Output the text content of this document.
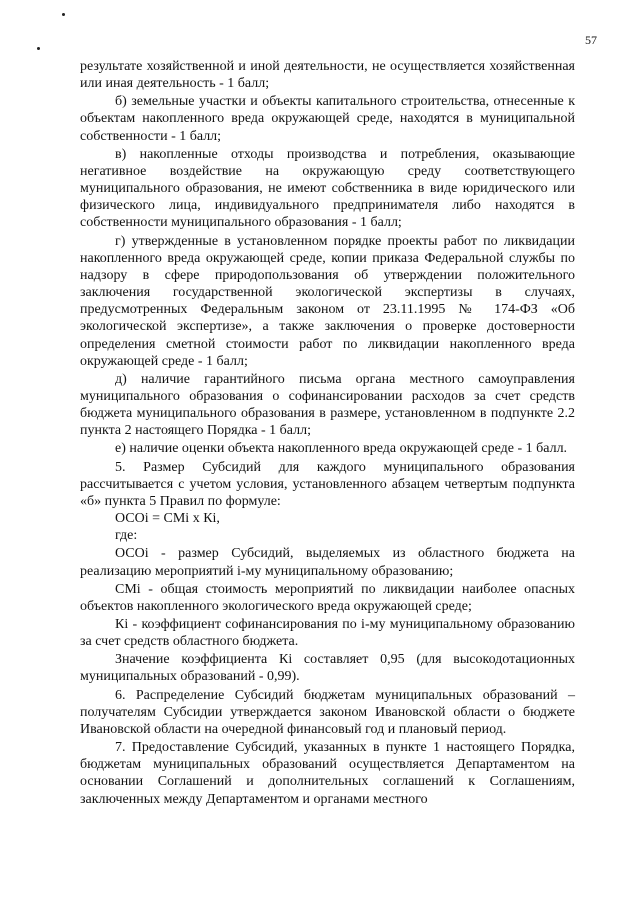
57

результате хозяйственной и иной деятельности, не осуществляется хозяйственная или иная деятельность - 1 балл;

б) земельные участки и объекты капитального строительства, отнесенные к объектам накопленного вреда окружающей среде, находятся в муниципальной собственности - 1 балл;

в) накопленные отходы производства и потребления, оказывающие негативное воздействие на окружающую среду соответствующего муниципального образования, не имеют собственника в виде юридического или физического лица, индивидуального предпринимателя либо находятся в собственности муниципального образования - 1 балл;

г) утвержденные в установленном порядке проекты работ по ликвидации накопленного вреда окружающей среде, копии приказа Федеральной службы по надзору в сфере природопользования об утверждении положительного заключения государственной экологической экспертизы в случаях, предусмотренных Федеральным законом от 23.11.1995 № 174-ФЗ «Об экологической экспертизе», а также заключения о проверке достоверности определения сметной стоимости работ по ликвидации накопленного вреда окружающей среде - 1 балл;

д) наличие гарантийного письма органа местного самоуправления муниципального образования о софинансировании расходов за счет средств бюджета муниципального образования в размере, установленном в подпункте 2.2 пункта 2 настоящего Порядка - 1 балл;

е) наличие оценки объекта накопленного вреда окружающей среде - 1 балл.

5. Размер Субсидий для каждого муниципального образования рассчитывается с учетом условия, установленного абзацем четвертым подпункта «б» пункта 5 Правил по формуле:

ОСОi = СМi х Кi,

где:

ОСОi - размер Субсидий, выделяемых из областного бюджета на реализацию мероприятий i-му муниципальному образованию;

СМi - общая стоимость мероприятий по ликвидации наиболее опасных объектов накопленного экологического вреда окружающей среде;

Кi - коэффициент софинансирования по i-му муниципальному образованию за счет средств областного бюджета.

Значение коэффициента Кi составляет 0,95 (для высокодотационных муниципальных образований - 0,99).

6. Распределение Субсидий бюджетам муниципальных образований – получателям Субсидии утверждается законом Ивановской области о бюджете Ивановской области на очередной финансовый год и плановый период.

7. Предоставление Субсидий, указанных в пункте 1 настоящего Порядка, бюджетам муниципальных образований осуществляется Департаментом на основании Соглашений и дополнительных соглашений к Соглашениям, заключенных между Департаментом и органами местного
